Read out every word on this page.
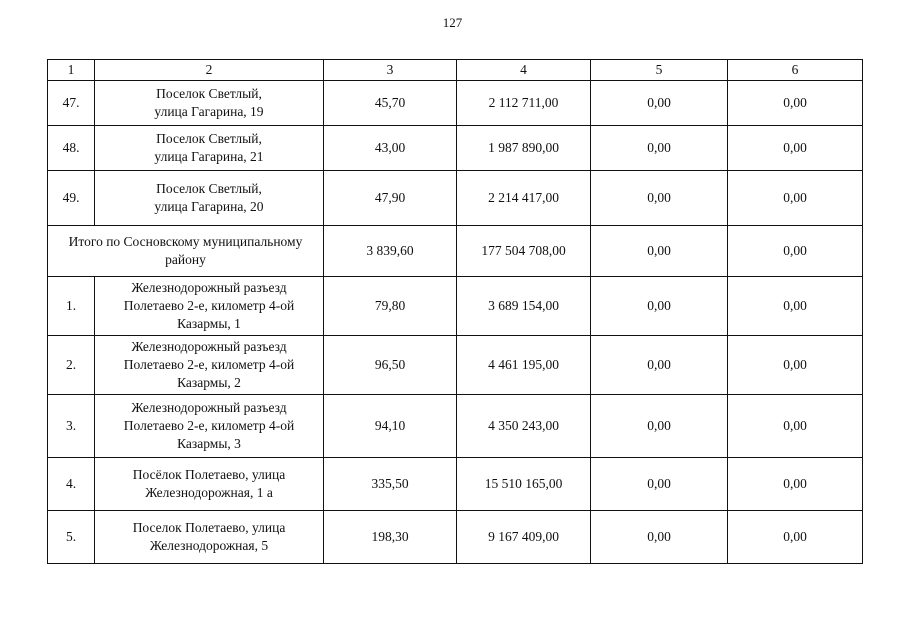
127
1	2	3	4	5	6
47.	Поселок Светлый,
улица Гагарина, 19	45,70	2 112 711,00	0,00	0,00
48.	Поселок Светлый,
улица Гагарина, 21	43,00	1 987 890,00	0,00	0,00
49.	Поселок Светлый,
улица Гагарина, 20	47,90	2 214 417,00	0,00	0,00
Итого по Сосновскому муниципальному
району		3 839,60	177 504 708,00	0,00	0,00
1.	Железнодорожный разъезд
Полетаево 2-е, километр 4-ой
Казармы, 1	79,80	3 689 154,00	0,00	0,00
2.	Железнодорожный разъезд
Полетаево 2-е, километр 4-ой
Казармы, 2	96,50	4 461 195,00	0,00	0,00
3.	Железнодорожный разъезд
Полетаево 2-е, километр 4-ой
Казармы, 3	94,10	4 350 243,00	0,00	0,00
4.	Посёлок Полетаево, улица
Железнодорожная, 1 а	335,50	15 510 165,00	0,00	0,00
5.	Поселок Полетаево, улица
Железнодорожная, 5	198,30	9 167 409,00	0,00	0,00
